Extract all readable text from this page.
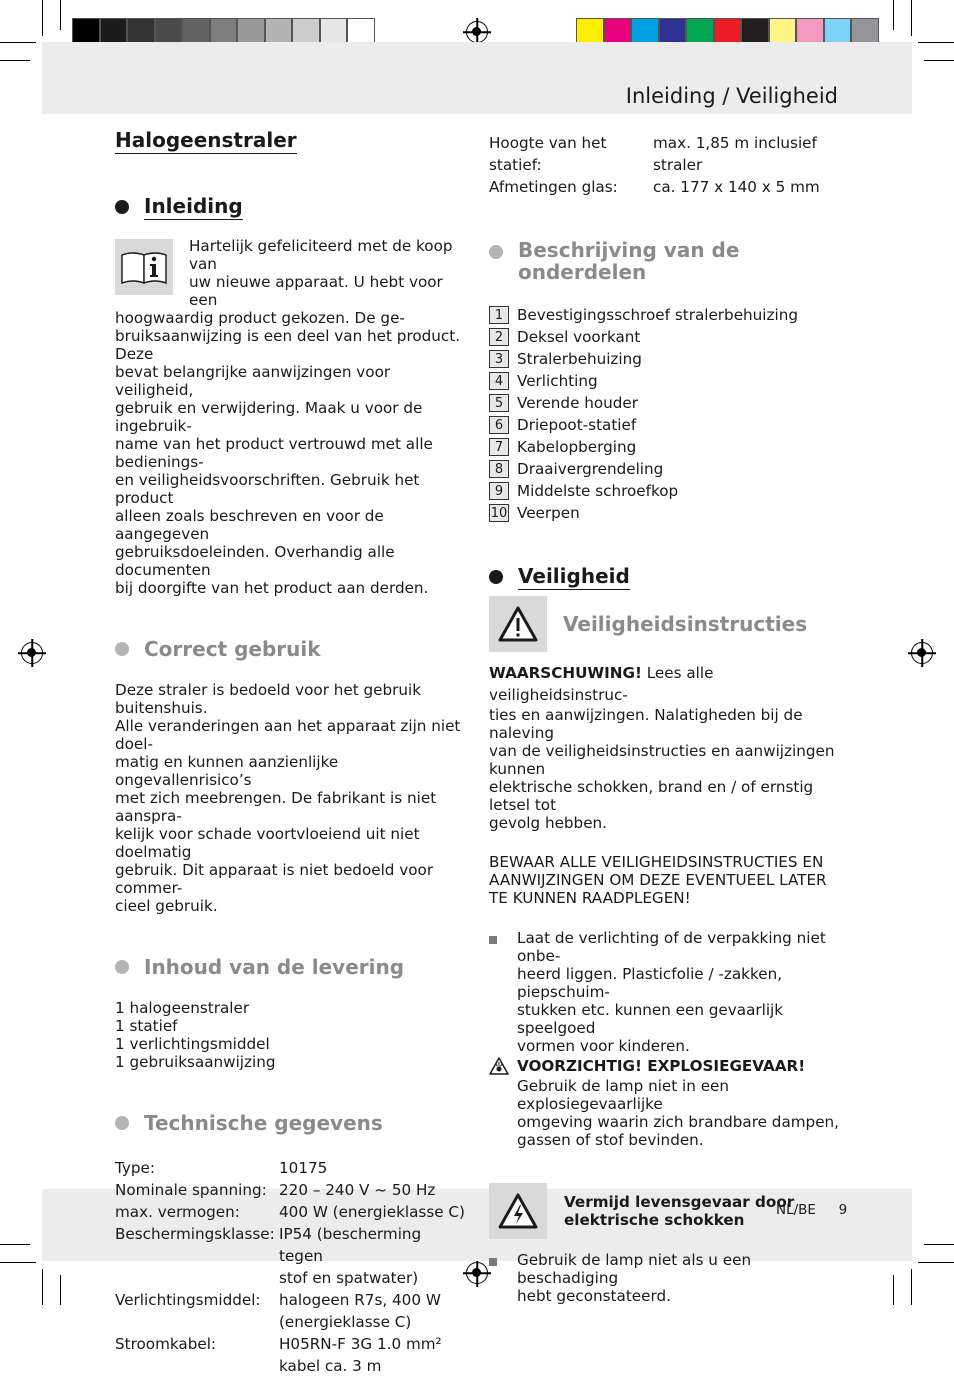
Inleiding / Veiligheid
NL/BE 9
Halogeenstraler
Inleiding
Hartelijk gefeliciteerd met de koop van
uw nieuwe apparaat. U hebt voor een
hoogwaardig product gekozen. De ge-
bruiksaanwijzing is een deel van het product. Deze
bevat belangrijke aanwijzingen voor veiligheid,
gebruik en verwijdering. Maak u voor de ingebruik-
name van het product vertrouwd met alle bedienings-
en veiligheidsvoorschriften. Gebruik het product
alleen zoals beschreven en voor de aangegeven
gebruiksdoeleinden. Overhandig alle documenten
bij doorgifte van het product aan derden.
Correct gebruik
Deze straler is bedoeld voor het gebruik buitenshuis.
Alle veranderingen aan het apparaat zijn niet doel-
matig en kunnen aanzienlijke ongevallenrisico’s
met zich meebrengen. De fabrikant is niet aanspra-
kelijk voor schade voortvloeiend uit niet doelmatig
gebruik. Dit apparaat is niet bedoeld voor commer-
cieel gebruik.
Inhoud van de levering
1 halogeenstraler
1 statief
1 verlichtingsmiddel
1 gebruiksaanwijzing
Technische gegevens
Type:	10175
Nominale spanning: 220 – 240 V ~ 50 Hz
max. vermogen:	400 W (energieklasse C)
Beschermingsklasse: IP54 (bescherming tegen
stof en spatwater)
Verlichtingsmiddel:	halogeen R7s, 400 W
(energieklasse C)
Stroomkabel:	H05RN-F 3G 1.0 mm²
kabel ca. 3 m
Hoogte van het statief:
max. 1,85 m inclusief straler
Afmetingen glas:	ca. 177 x 140 x 5 mm
Beschrijving van de
onderdelen
1 Bevestigingsschroef stralerbehuizing
2 Deksel voorkant
3 Stralerbehuizing
4 Verlichting
5 Verende houder
6 Driepoot-statief
7 Kabelopberging
8 Draaivergrendeling
9 Middelste schroefkop
10 Veerpen
Veiligheid
Veiligheidsinstructies

WAARSCHUWING! Lees alle veiligheidsinstruc-

ties en aanwijzingen. Nalatigheden bij de naleving
van de veiligheidsinstructies en aanwijzingen kunnen
elektrische schokken, brand en / of ernstig letsel tot
gevolg hebben.
BEWAAR ALLE VEILIGHEIDSINSTRUCTIES EN
AANWIJZINGEN OM DEZE EVENTUEEL LATER
TE KUNNEN RAADPLEGEN!
Laat de verlichting of de verpakking niet onbe-
heerd liggen. Plasticfolie / -zakken, piepschuim-
stukken etc. kunnen een gevaarlijk speelgoed
vormen voor kinderen.

VOORZICHTIG! EXPLOSIEGEVAAR!

Gebruik de lamp niet in een explosiegevaarlijke
omgeving waarin zich brandbare dampen,
gassen of stof bevinden.
Vermijd levensgevaar door
elektrische schokken
Gebruik de lamp niet als u een beschadiging
hebt geconstateerd.
